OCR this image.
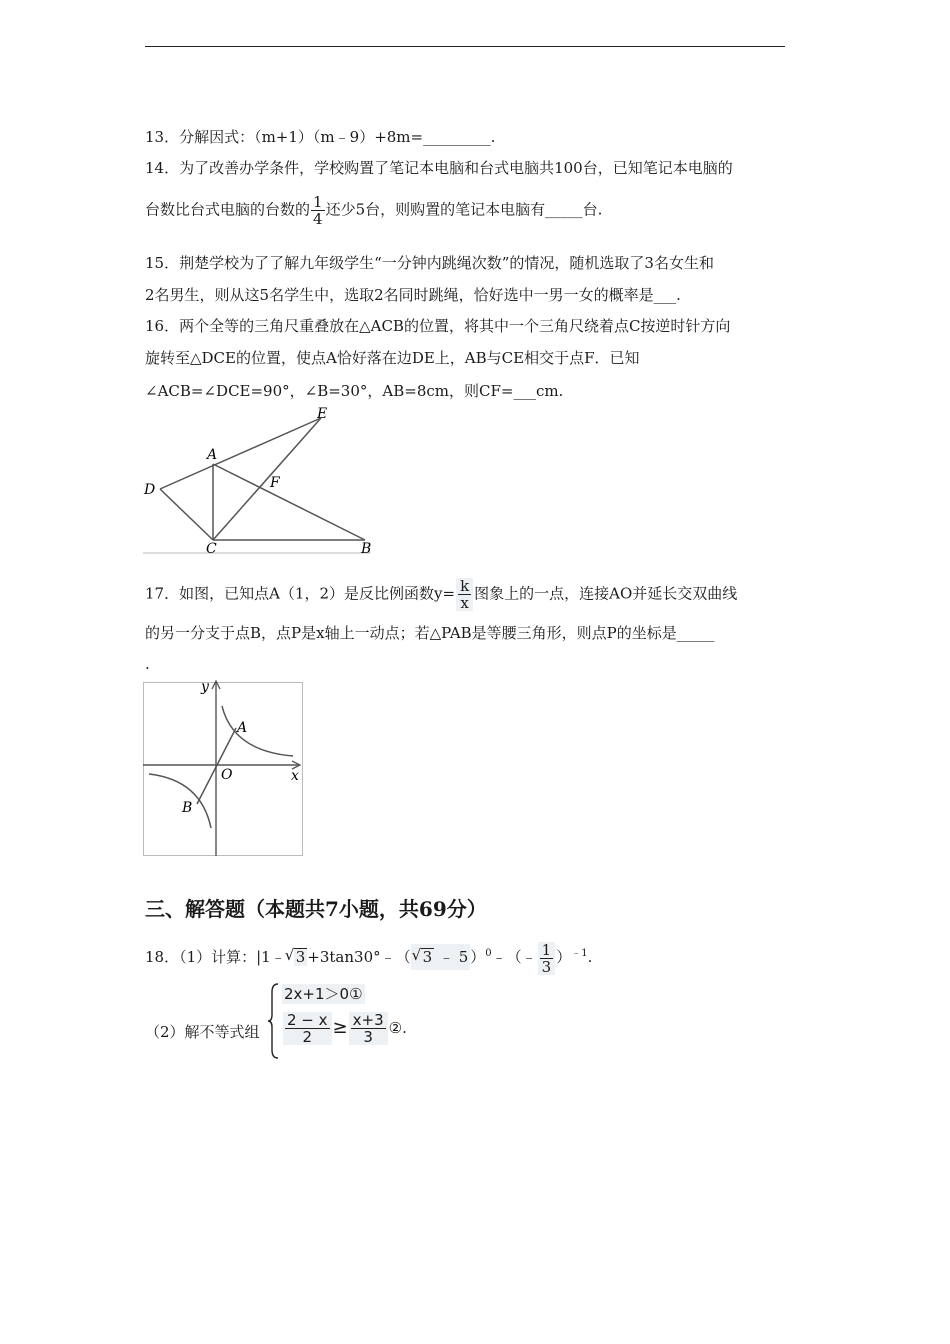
13．分解因式：（m+1）（m﹣9）+8m=_________.
14．为了改善办学条件，学校购置了笔记本电脑和台式电脑共100台，已知笔记本电脑的
台数比台式电脑的台数的 $\frac{1}{4}$ 还少5台，则购置的笔记本电脑有_____台.
15．荆楚学校为了了解九年级学生“一分钟内跳绳次数”的情况，随机选取了3名女生和
2名男生，则从这5名学生中，选取2名同时跳绳，恰好选中一男一女的概率是___.
16．两个全等的三角尺重叠放在△ACB的位置，将其中一个三角尺绕着点C按逆时针方向
旋转至△DCE的位置，使点A恰好落在边DE上，AB与CE相交于点F．已知
∠ACB=∠DCE=90°，∠B=30°，AB=8cm，则CF=___cm.
E
A
D	F
C	B
17．如图，已知点A（1，2）是反比例函数$y= \frac{k}{x}$ 图象上的一点，连接AO并延长交双曲线
的另一分支于点B，点P是x轴上一动点；若△PAB是等腰三角形，则点P的坐标是_____
.
y
A
O	x
B
三、解答题（本题共7小题，共69分）
18．（1）计算：|1﹣ √ 3 +3tan30°﹣（ √ 3 ﹣ 5 ）$^0$﹣（﹣ $\frac{1}{3} )^{﹣1}$.
（2）解不等式组
2x+1＞0①
$\frac{2 - x}{2} \ge \frac{x+3}{3}$ ②.
